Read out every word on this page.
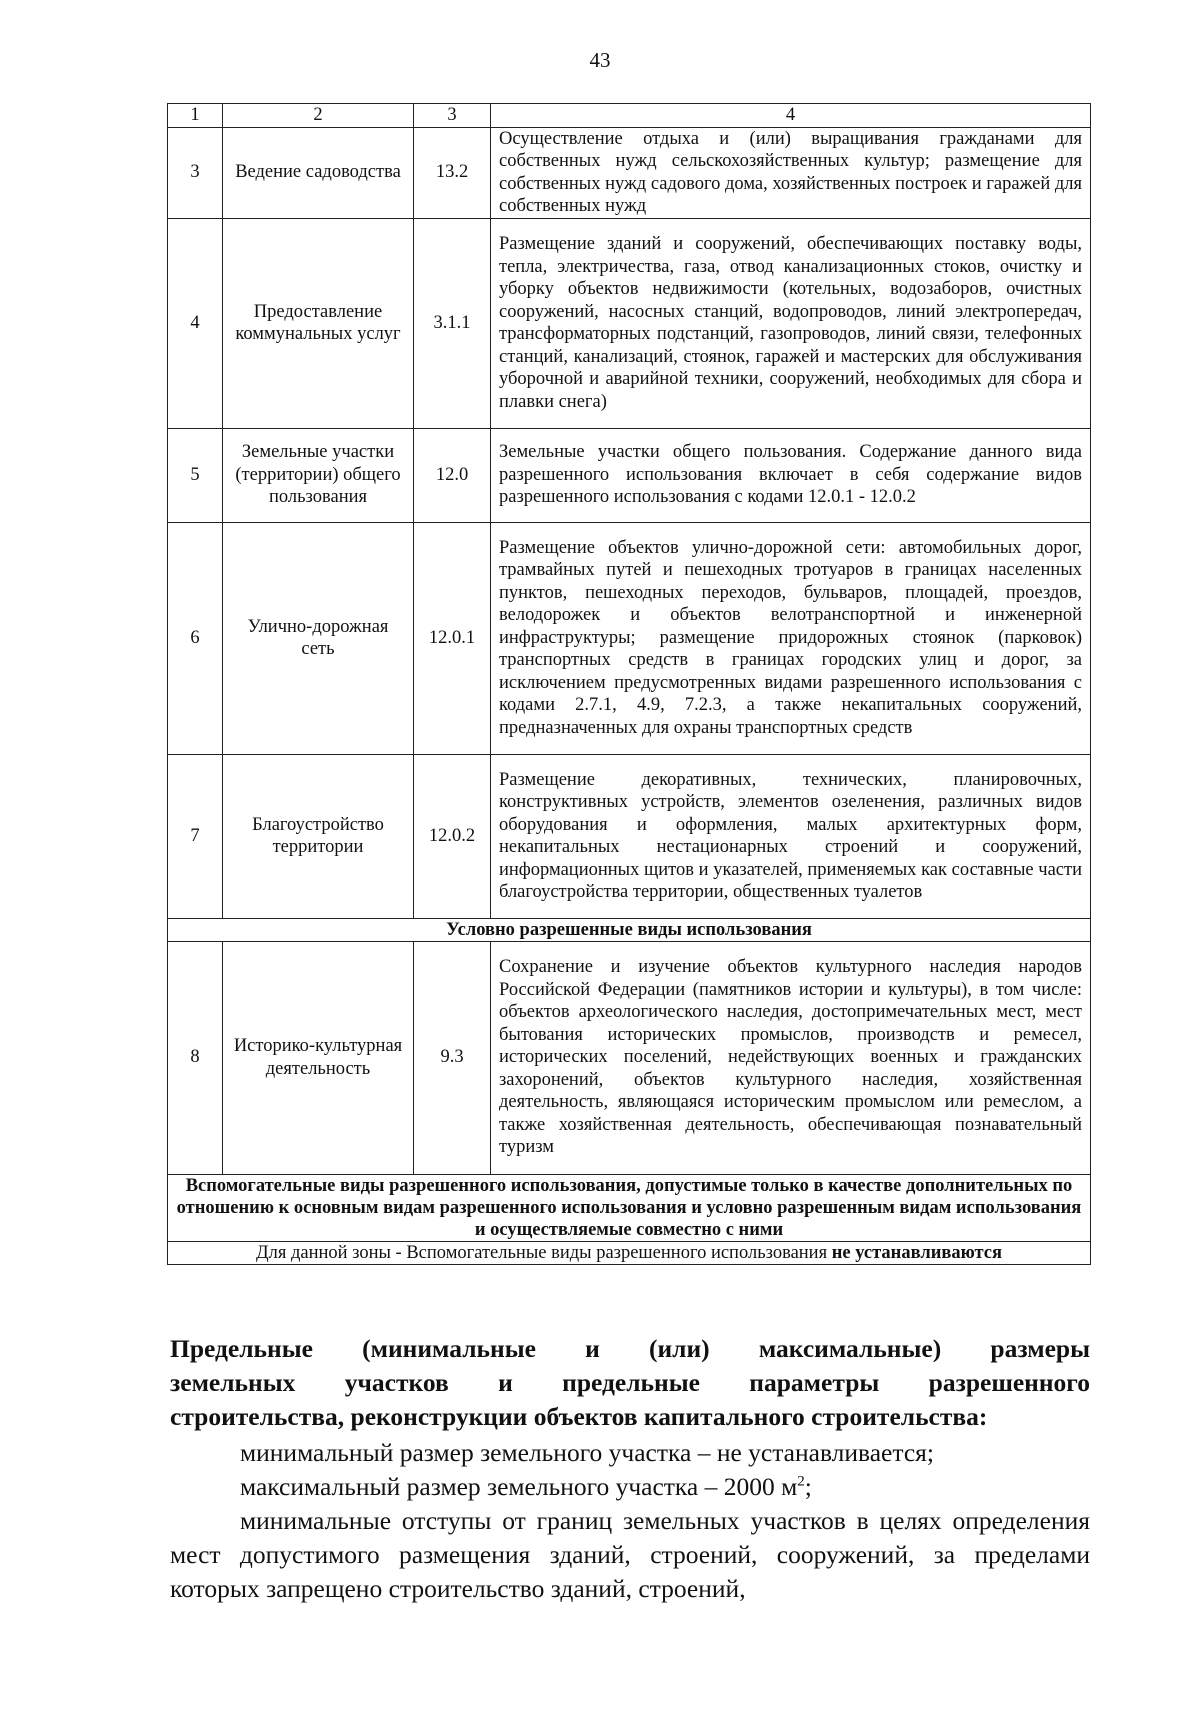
43
1	2	3	4
3	Ведение садоводства	13.2	Осуществление отдыха и (или) выращивания гражданами для собственных нужд сельскохозяйственных культур; размещение для собственных нужд садового дома, хозяйственных построек и гаражей для собственных нужд
4	Предоставление коммунальных услуг	3.1.1	Размещение зданий и сооружений, обеспечивающих поставку воды, тепла, электричества, газа, отвод канализационных стоков, очистку и уборку объектов недвижимости (котельных, водозаборов, очистных сооружений, насосных станций, водопроводов, линий электропередач, трансформаторных подстанций, газопроводов, линий связи, телефонных станций, канализаций, стоянок, гаражей и мастерских для обслуживания уборочной и аварийной техники, сооружений, необходимых для сбора и плавки снега)
5	Земельные участки (территории) общего пользования	12.0	Земельные участки общего пользования. Содержание данного вида разрешенного использования включает в себя содержание видов разрешенного использования с кодами 12.0.1 - 12.0.2
6	Улично-дорожная сеть	12.0.1	Размещение объектов улично-дорожной сети: автомобильных дорог, трамвайных путей и пешеходных тротуаров в границах населенных пунктов, пешеходных переходов, бульваров, площадей, проездов, велодорожек и объектов велотранспортной и инженерной инфраструктуры; размещение придорожных стоянок (парковок) транспортных средств в границах городских улиц и дорог, за исключением предусмотренных видами разрешенного использования с кодами 2.7.1, 4.9, 7.2.3, а также некапитальных сооружений, предназначенных для охраны транспортных средств
7	Благоустройство территории	12.0.2	Размещение декоративных, технических, планировочных, конструктивных устройств, элементов озеленения, различных видов оборудования и оформления, малых архитектурных форм, некапитальных нестационарных строений и сооружений, информационных щитов и указателей, применяемых как составные части благоустройства территории, общественных туалетов
Условно разрешенные виды использования			
8	Историко-культурная деятельность	9.3	Сохранение и изучение объектов культурного наследия народов Российской Федерации (памятников истории и культуры), в том числе: объектов археологического наследия, достопримечательных мест, мест бытования исторических промыслов, производств и ремесел, исторических поселений, недействующих военных и гражданских захоронений, объектов культурного наследия, хозяйственная деятельность, являющаяся историческим промыслом или ремеслом, а также хозяйственная деятельность, обеспечивающая познавательный туризм
Вспомогательные виды разрешенного использования, допустимые только в качестве дополнительных по отношению к основным видам разрешенного использования и условно разрешенным видам использования и осуществляемые совместно с ними			
Для данной зоны - Вспомогательные виды разрешенного использования не устанавливаются			
Предельные (минимальные и (или) максимальные) размеры
земельных участков и предельные параметры разрешенного
строительства, реконструкции объектов капитального строительства:
минимальный размер земельного участка – не устанавливается;
максимальный размер земельного участка – 2000 $м^2$;
минимальные отступы от границ земельных участков в целях определения мест допустимого размещения зданий, строений, сооружений, за пределами которых запрещено строительство зданий, строений,
